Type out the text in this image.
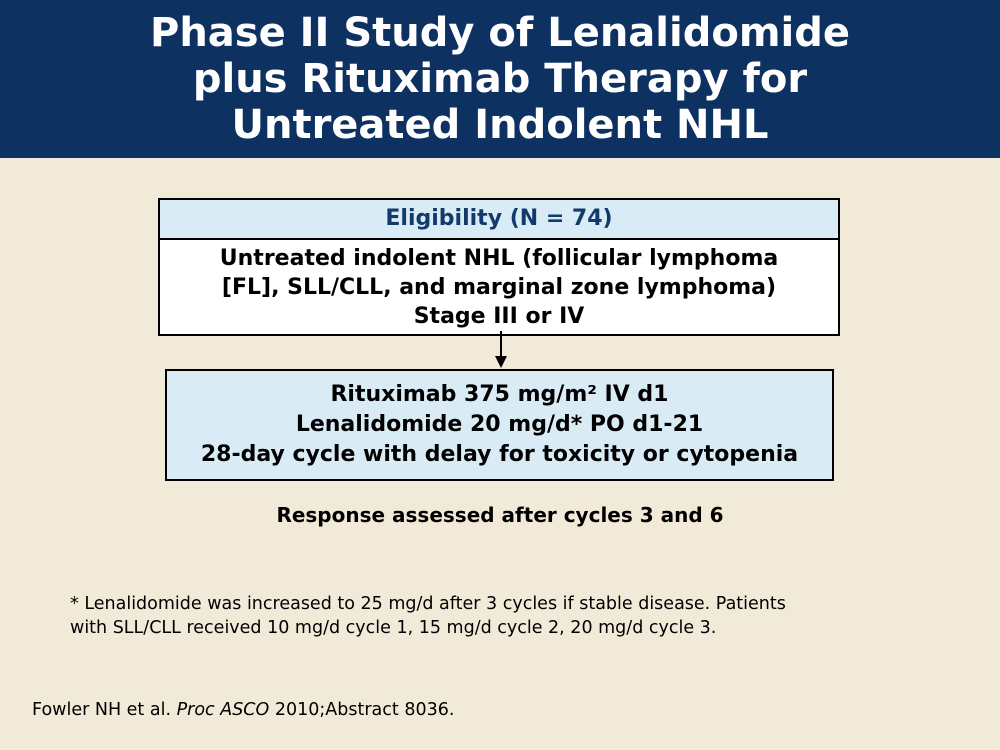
Phase II Study of Lenalidomide
plus Rituximab Therapy for
Untreated Indolent NHL
Eligibility (N = 74)
Untreated indolent NHL (follicular lymphoma
[FL], SLL/CLL, and marginal zone lymphoma)
Stage III or IV
Rituximab 375 mg/m² IV d1
Lenalidomide 20 mg/d* PO d1-21
28-day cycle with delay for toxicity or cytopenia
Response assessed after cycles 3 and 6
* Lenalidomide was increased to 25 mg/d after 3 cycles if stable disease. Patients
with SLL/CLL received 10 mg/d cycle 1, 15 mg/d cycle 2, 20 mg/d cycle 3.
Fowler NH et al. Proc ASCO 2010;Abstract 8036.
